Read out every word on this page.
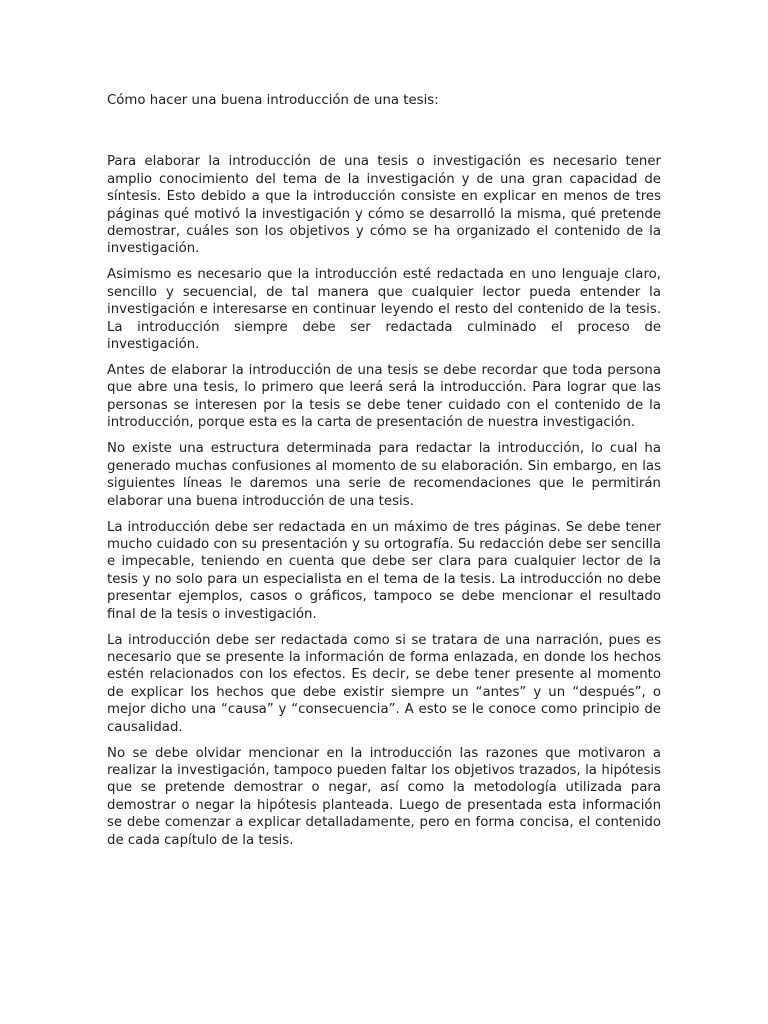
Cómo hacer una buena introducción de una tesis:

Para elaborar la introducción de una tesis o investigación es necesario tener amplio conocimiento del tema de la investigación y de una gran capacidad de síntesis. Esto debido a que la introducción consiste en explicar en menos de tres páginas qué motivó la investigación y cómo se desarrolló la misma, qué pretende demostrar, cuáles son los objetivos y cómo se ha organizado el contenido de la investigación.

Asimismo es necesario que la introducción esté redactada en uno lenguaje claro, sencillo y secuencial, de tal manera que cualquier lector pueda entender la investigación e interesarse en continuar leyendo el resto del contenido de la tesis. La introducción siempre debe ser redactada culminado el proceso de investigación.

Antes de elaborar la introducción de una tesis se debe recordar que toda persona que abre una tesis, lo primero que leerá será la introducción. Para lograr que las personas se interesen por la tesis se debe tener cuidado con el contenido de la introducción, porque esta es la carta de presentación de nuestra investigación.

No existe una estructura determinada para redactar la introducción, lo cual ha generado muchas confusiones al momento de su elaboración. Sin embargo, en las siguientes líneas le daremos una serie de recomendaciones que le permitirán elaborar una buena introducción de una tesis.

La introducción debe ser redactada en un máximo de tres páginas. Se debe tener mucho cuidado con su presentación y su ortografía. Su redacción debe ser sencilla e impecable, teniendo en cuenta que debe ser clara para cualquier lector de la tesis y no solo para un especialista en el tema de la tesis. La introducción no debe presentar ejemplos, casos o gráficos, tampoco se debe mencionar el resultado final de la tesis o investigación.

La introducción debe ser redactada como si se tratara de una narración, pues es necesario que se presente la información de forma enlazada, en donde los hechos estén relacionados con los efectos. Es decir, se debe tener presente al momento de explicar los hechos que debe existir siempre un “antes” y un “después”, o mejor dicho una “causa” y “consecuencia”. A esto se le conoce como principio de causalidad.

No se debe olvidar mencionar en la introducción las razones que motivaron a realizar la investigación, tampoco pueden faltar los objetivos trazados, la hipótesis que se pretende demostrar o negar, así como la metodología utilizada para demostrar o negar la hipótesis planteada. Luego de presentada esta información se debe comenzar a explicar detalladamente, pero en forma concisa, el contenido de cada capítulo de la tesis.
